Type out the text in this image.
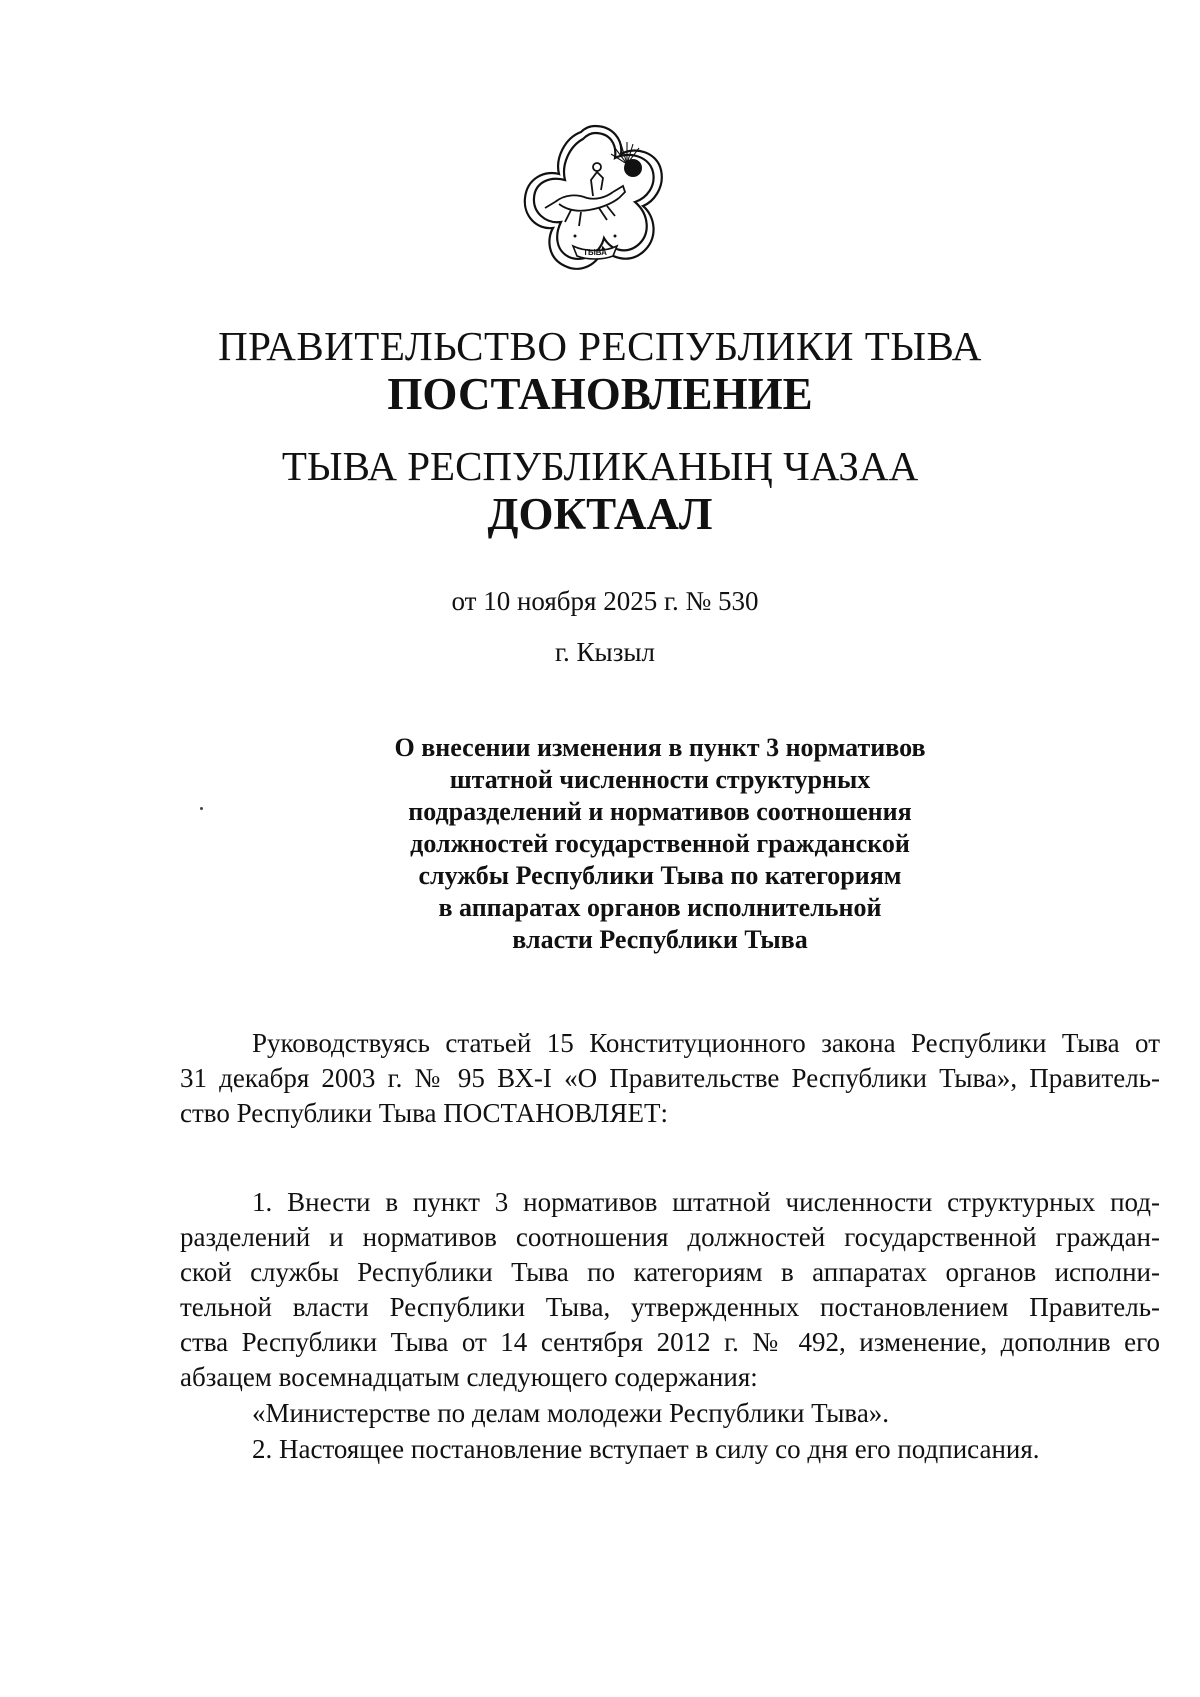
ТЫВА
ПРАВИТЕЛЬСТВО РЕСПУБЛИКИ ТЫВА
ПОСТАНОВЛЕНИЕ
ТЫВА РЕСПУБЛИКАНЫҢ ЧАЗАА
ДОКТААЛ
от 10 ноября 2025 г. № 530
г. Кызыл
О внесении изменения в пункт 3 нормативов
штатной численности структурных
подразделений и нормативов соотношения
должностей государственной гражданской
службы Республики Тыва по категориям
в аппаратах органов исполнительной
власти Республики Тыва
Руководствуясь статьей 15 Конституционного закона Республики Тыва от
31 декабря 2003 г. № 95 ВХ-I «О Правительстве Республики Тыва», Правитель-
ство Республики Тыва ПОСТАНОВЛЯЕТ:
1. Внести в пункт 3 нормативов штатной численности структурных под-
разделений и нормативов соотношения должностей государственной граждан-
ской службы Республики Тыва по категориям в аппаратах органов исполни-
тельной власти Республики Тыва, утвержденных постановлением Правитель-
ства Республики Тыва от 14 сентября 2012 г. № 492, изменение, дополнив его
абзацем восемнадцатым следующего содержания:
«Министерстве по делам молодежи Республики Тыва».
2. Настоящее постановление вступает в силу со дня его подписания.
